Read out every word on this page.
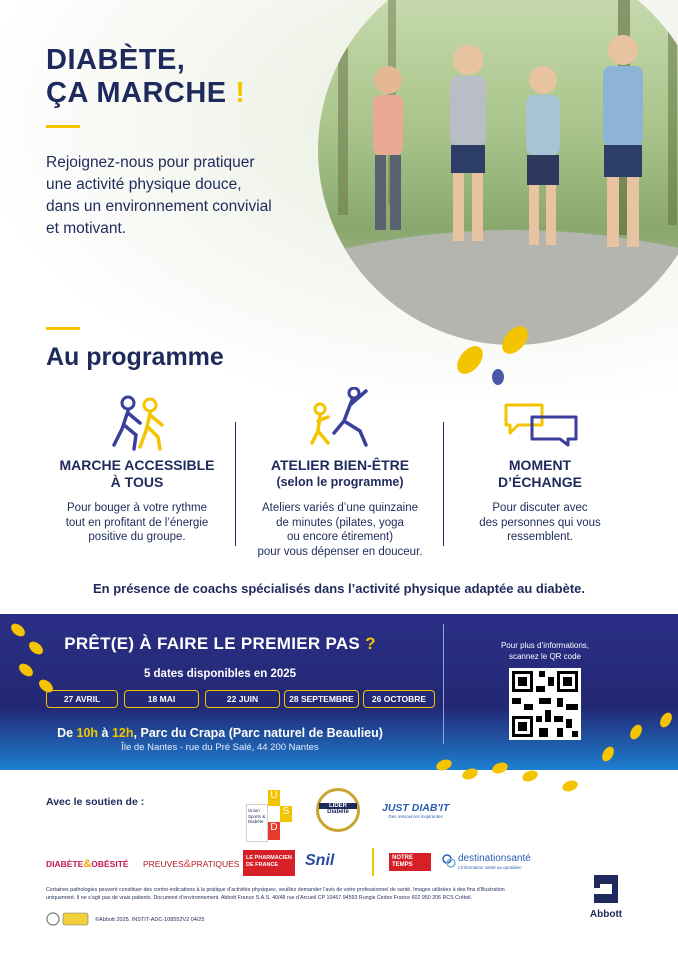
DIABÈTE,
ÇA MARCHE !
Rejoignez-nous pour pratiquer
une activité physique douce,
dans un environnement convivial
et motivant.
Au programme
MARCHE ACCESSIBLE
À TOUS

Pour bouger à votre rythme
tout en profitant de l’énergie
positive du groupe.

ATELIER BIEN-ÊTRE
(selon le programme)

Ateliers variés d’une quinzaine
de minutes (pilates, yoga
ou encore étirement)
pour vous dépenser en douceur.

MOMENT
D’ÉCHANGE

Pour discuter avec
des personnes qui vous
ressemblent.

En présence de coachs spécialisés dans l’activité physique adaptée au diabète.
PRÊT(E) À FAIRE LE PREMIER PAS ?
5 dates disponibles en 2025
27 AVRIL	18 MAI	22 JUIN	28 SEPTEMBRE	26 OCTOBRE
De 10h à 12h, Parc du Crapa (Parc naturel de Beaulieu)
Île de Nantes - rue du Pré Salé, 44 200 Nantes
Pour plus d’informations,
scannez le QR code
Avec le soutien de :
Union
Sports &
Diabète
U
S
D
LIDER
Diabète	JUST DIAB'IT
Des ressources inspirantes
DIABÈTE&OBÉSITÉ PREUVES&PRATIQUES
LE PHARMACIEN
DE FRANCE	Snil	NOTRE
TEMPS
destinationsanté
L’information santé au quotidien
Certaines pathologies peuvent constituer des contre-indications à la pratique d’activités physiques, veuillez demander l’avis de votre professionnel de santé. Images utilisées à des fins d’illustration
uniquement. Il ne s’agit pas de vrais patients. Document d’environnement. Abbott France S.A.S. 40/48 rue d’Arcueil CP 10457 94593 Rungis Cedex France 602 950 206 RCS Créteil.
©Abbott 2025. INSTIT-ADC-108552V2 04/25	Abbott
